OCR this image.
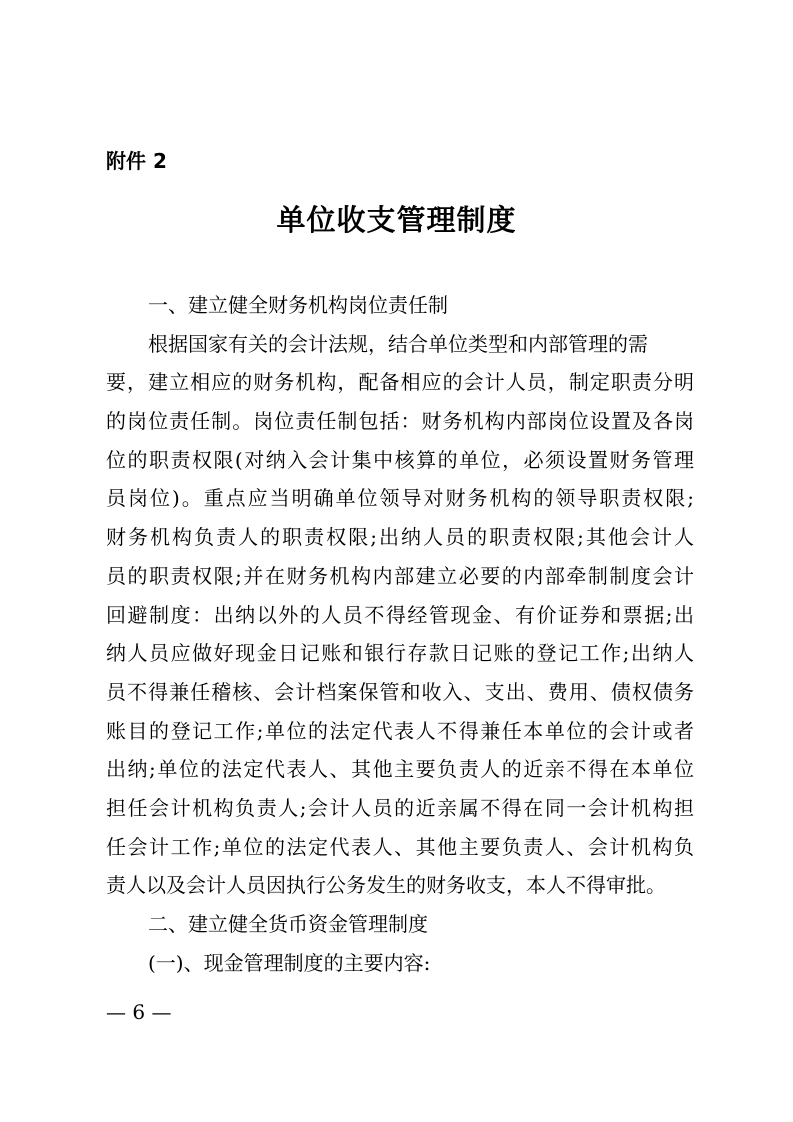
附件 2
单位收支管理制度
一、建立健全财务机构岗位责任制
根据国家有关的会计法规，结合单位类型和内部管理的需
要，建立相应的财务机构，配备相应的会计人员，制定职责分明
的岗位责任制。岗位责任制包括：财务机构内部岗位设置及各岗
位的职责权限(对纳入会计集中核算的单位，必须设置财务管理
员岗位)。重点应当明确单位领导对财务机构的领导职责权限;
财务机构负责人的职责权限;出纳人员的职责权限;其他会计人
员的职责权限;并在财务机构内部建立必要的内部牵制制度会计
回避制度：出纳以外的人员不得经管现金、有价证券和票据;出
纳人员应做好现金日记账和银行存款日记账的登记工作;出纳人
员不得兼任稽核、会计档案保管和收入、支出、费用、债权债务
账目的登记工作;单位的法定代表人不得兼任本单位的会计或者
出纳;单位的法定代表人、其他主要负责人的近亲不得在本单位
担任会计机构负责人;会计人员的近亲属不得在同一会计机构担
任会计工作;单位的法定代表人、其他主要负责人、会计机构负
责人以及会计人员因执行公务发生的财务收支，本人不得审批。
二、建立健全货币资金管理制度
(一)、现金管理制度的主要内容:
— 6 —
